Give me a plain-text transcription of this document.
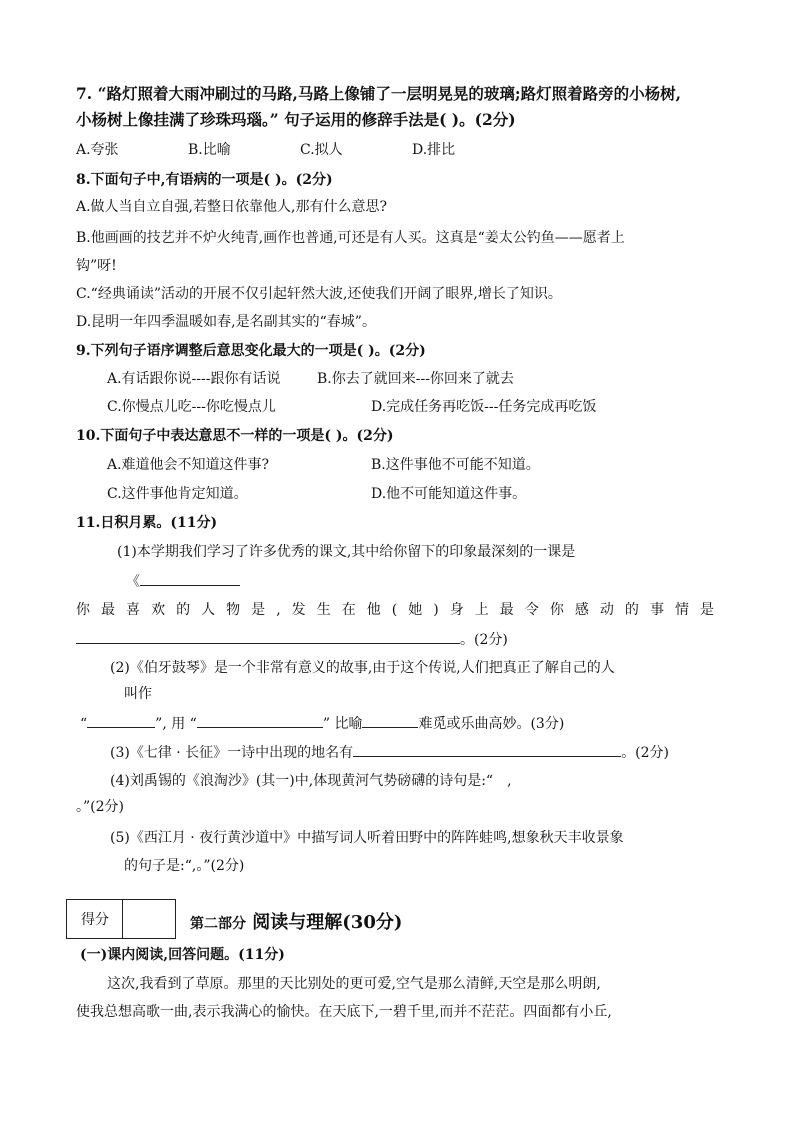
7. “路灯照着大雨冲刷过的马路,马路上像铺了一层明晃晃的玻璃;路灯照着路旁的小杨树,
小杨树上像挂满了珍珠玛瑙。” 句子运用的修辞手法是( )。(2分)
A.夸张	B.比喻	C.拟人	D.排比
8.下面句子中,有语病的一项是( )。(2分)
A.做人当自立自强,若整日依靠他人,那有什么意思?
B.他画画的技艺并不炉火纯青,画作也普通,可还是有人买。这真是“姜太公钓鱼——愿者上
钩”呀!
C.“经典诵读”活动的开展不仅引起轩然大波,还使我们开阔了眼界,增长了知识。
D.昆明一年四季温暖如春,是名副其实的“春城”。
9.下列句子语序调整后意思变化最大的一项是( )。(2分)
A.有话跟你说----跟你有话说	B.你去了就回来---你回来了就去
C.你慢点儿吃---你吃慢点儿	D.完成任务再吃饭---任务完成再吃饭
10.下面句子中表达意思不一样的一项是( )。(2分)
A.难道他会不知道这件事?	B.这件事他不可能不知道。
C.这件事他肯定知道。	D.他不可能知道这件事。
11.日积月累。(11分)
(1)本学期我们学习了许多优秀的课文,其中给你留下的印象最深刻的一课是
《
你最喜欢的人物是,发生在他(她)身上最令你感动的事情是
。(2分)
(2)《伯牙鼓琴》是一个非常有意义的故事,由于这个传说,人们把真正了解自己的人
叫作
“	”, 用 “	” 比喻	难觅或乐曲高妙。(3分)
(3)《七律 · 长征》一诗中出现的地名有	。(2分)
(4)刘禹锡的《浪淘沙》(其一)中,体现黄河气势磅礴的诗句是:“ ,
。”(2分)
(5)《西江月 · 夜行黄沙道中》中描写词人听着田野中的阵阵蛙鸣,想象秋天丰收景象
的句子是:“,。”(2分)
得分	第二部分 阅读与理解(30分)
(一)课内阅读,回答问题。(11分)
这次,我看到了草原。那里的天比别处的更可爱,空气是那么清鲜,天空是那么明朗,
使我总想高歌一曲,表示我满心的愉快。在天底下,一碧千里,而并不茫茫。四面都有小丘,
